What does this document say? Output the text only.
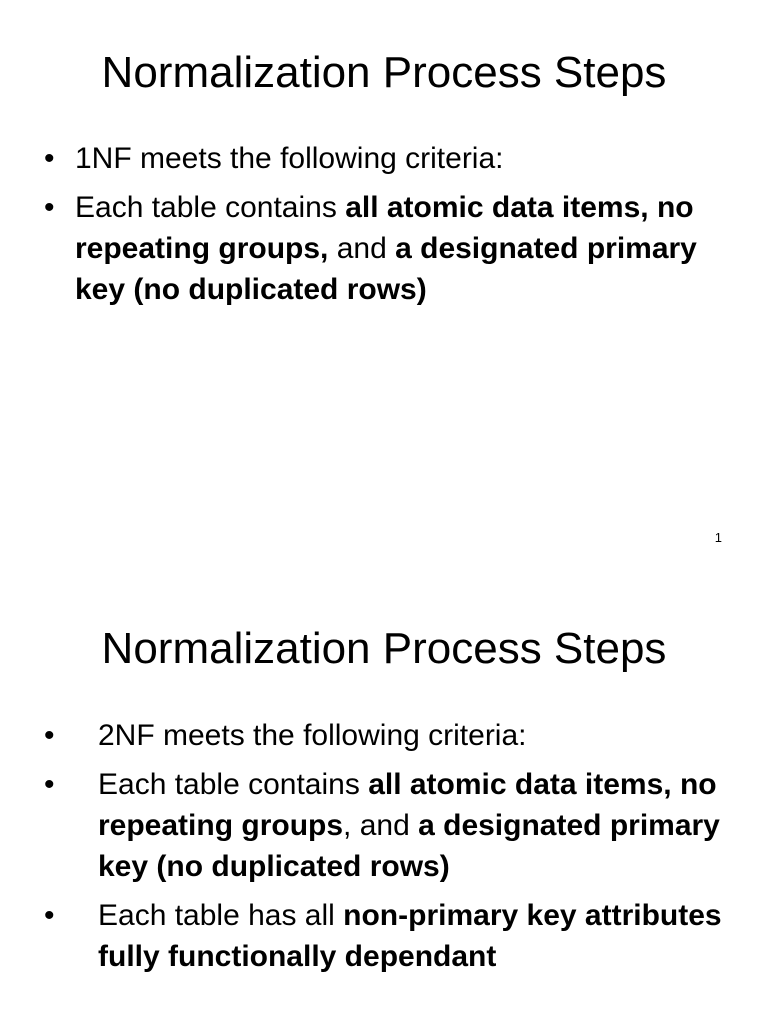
Normalization Process Steps
• 1NF meets the following criteria:
• Each table contains all atomic data items, no repeating groups, and a designated primary key (no duplicated rows)
1
Normalization Process Steps
• 2NF meets the following criteria:
• Each table contains all atomic data items, no repeating groups, and a designated primary key (no duplicated rows)
• Each table has all non-primary key attributes fully functionally dependant
